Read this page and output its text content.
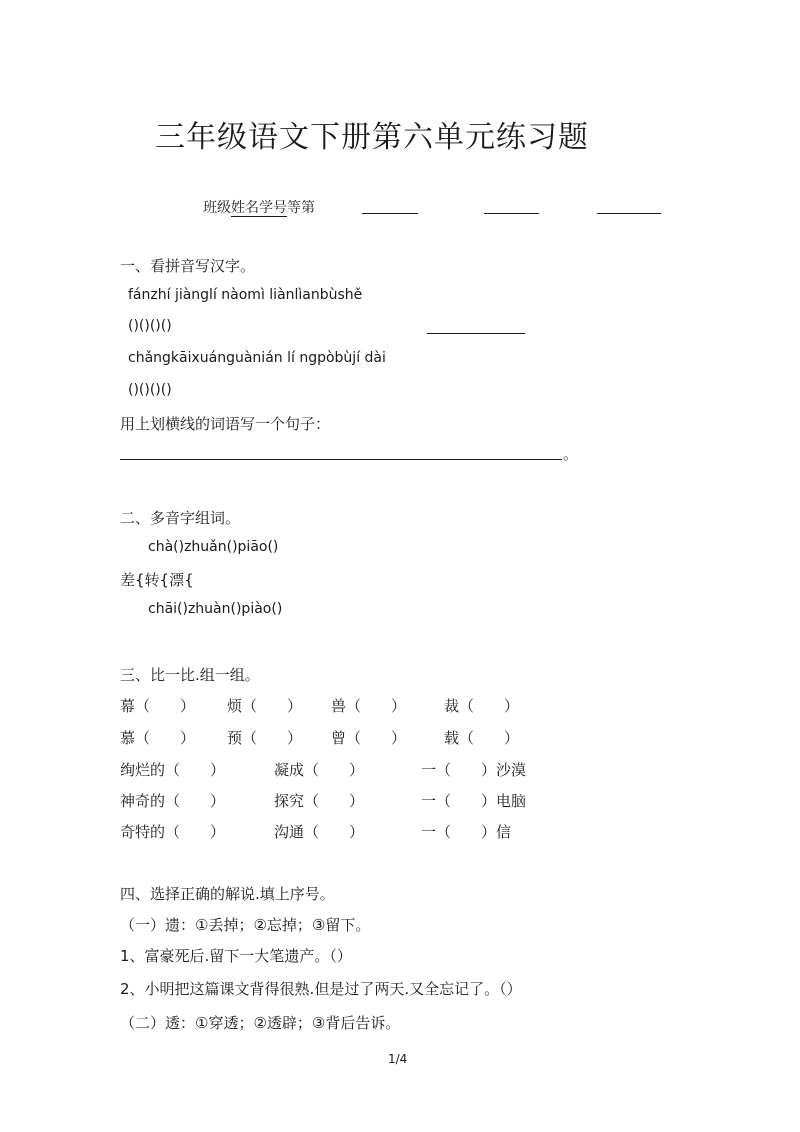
三年级语文下册第六单元练习题
班级姓名学号等第
一、看拼音写汉字。
fánzhí jiànglí nàomì liànlìanbùshě
()()()()
chǎngkāixuánguànián lí ngpòbùjí dài
()()()()
用上划横线的词语写一个句子：
。
二、多音字组词。
chà()zhuǎn()piāo()
差{转{漂{
chāi()zhuàn()piào()
三、比一比.组一组。
幕（　　） 烦（　　） 兽（　　）	裁（　　）
慕（　　） 预（　　） 曾（　　）	载（　　）
绚烂的（　　）	凝成（　　）	一（　　）沙漠
神奇的（　　）	探究（　　）	一（　　）电脑
奇特的（　　）	沟通（　　）	一（　　）信
四、选择正确的解说.填上序号。
（一）遗：①丢掉；②忘掉；③留下。
1、富豪死后.留下一大笔遗产。（）
2、小明把这篇课文背得很熟.但是过了两天.又全忘记了。（）
（二）透：①穿透；②透辟；③背后告诉。
1/4
